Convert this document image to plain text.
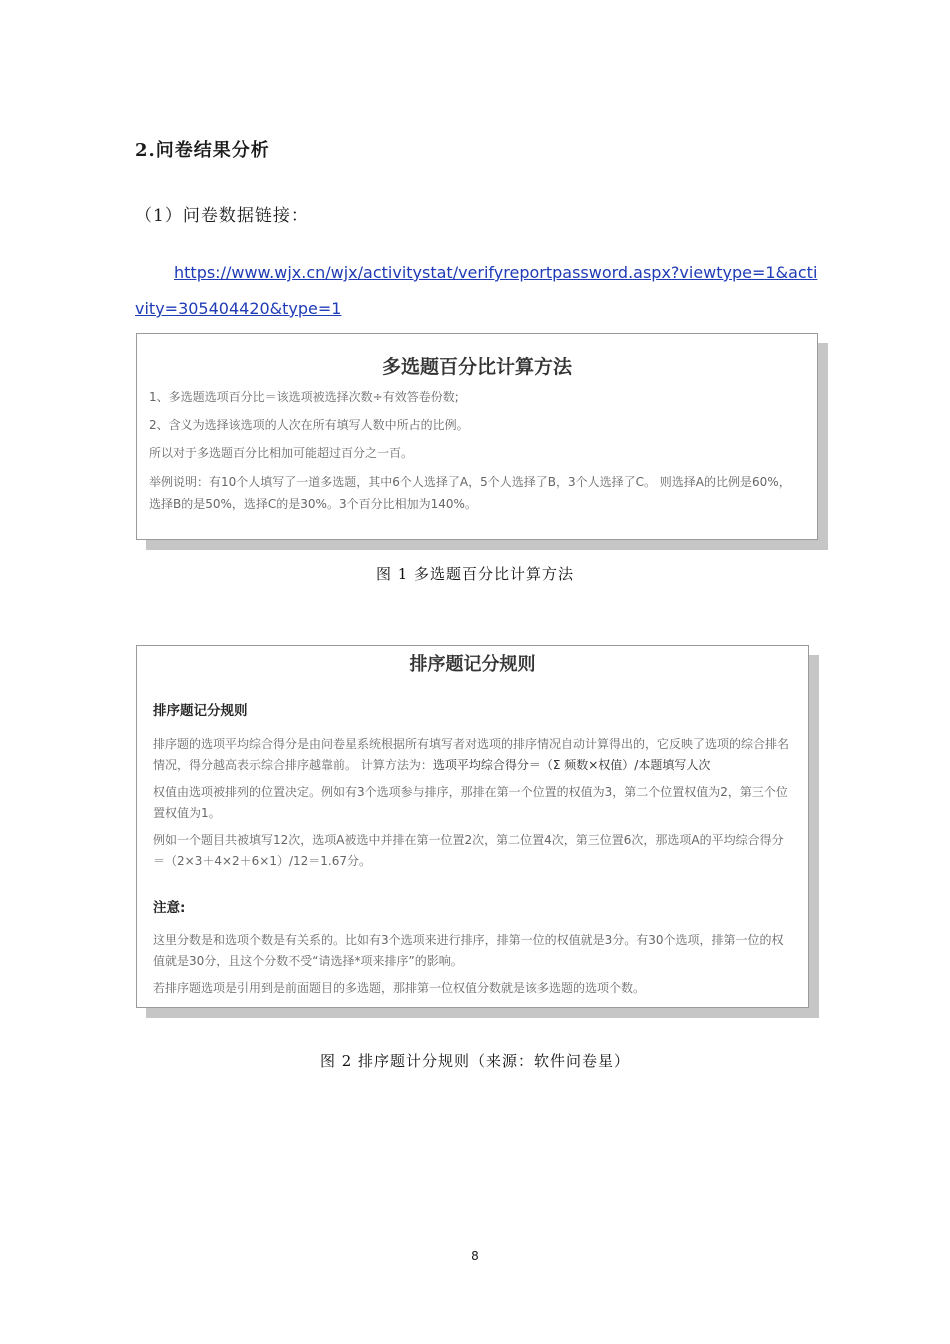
2.问卷结果分析
（1）问卷数据链接：
https://www.wjx.cn/wjx/activitystat/verifyreportpassword.aspx?viewtype=1&acti
vity=305404420&type=1
多选题百分比计算方法
1、多选题选项百分比＝该选项被选择次数÷有效答卷份数;
2、含义为选择该选项的人次在所有填写人数中所占的比例。
所以对于多选题百分比相加可能超过百分之一百。
举例说明：有10个人填写了一道多选题，其中6个人选择了A，5个人选择了B，3个人选择了C。 则选择A的比例是60%，
选择B的是50%，选择C的是30%。3个百分比相加为140%。
图 1 多选题百分比计算方法
排序题记分规则
排序题记分规则
排序题的选项平均综合得分是由问卷星系统根据所有填写者对选项的排序情况自动计算得出的，它反映了选项的综合排名
情况，得分越高表示综合排序越靠前。 计算方法为：选项平均综合得分＝（Σ 频数×权值）/本题填写人次
权值由选项被排列的位置决定。例如有3个选项参与排序，那排在第一个位置的权值为3，第二个位置权值为2，第三个位
置权值为1。
例如一个题目共被填写12次，选项A被选中并排在第一位置2次，第二位置4次，第三位置6次，那选项A的平均综合得分
＝（2×3＋4×2＋6×1）/12＝1.67分。
注意:
这里分数是和选项个数是有关系的。比如有3个选项来进行排序，排第一位的权值就是3分。有30个选项，排第一位的权
值就是30分，且这个分数不受“请选择*项来排序”的影响。
若排序题选项是引用到是前面题目的多选题，那排第一位权值分数就是该多选题的选项个数。
图 2 排序题计分规则（来源：软件问卷星）
8
